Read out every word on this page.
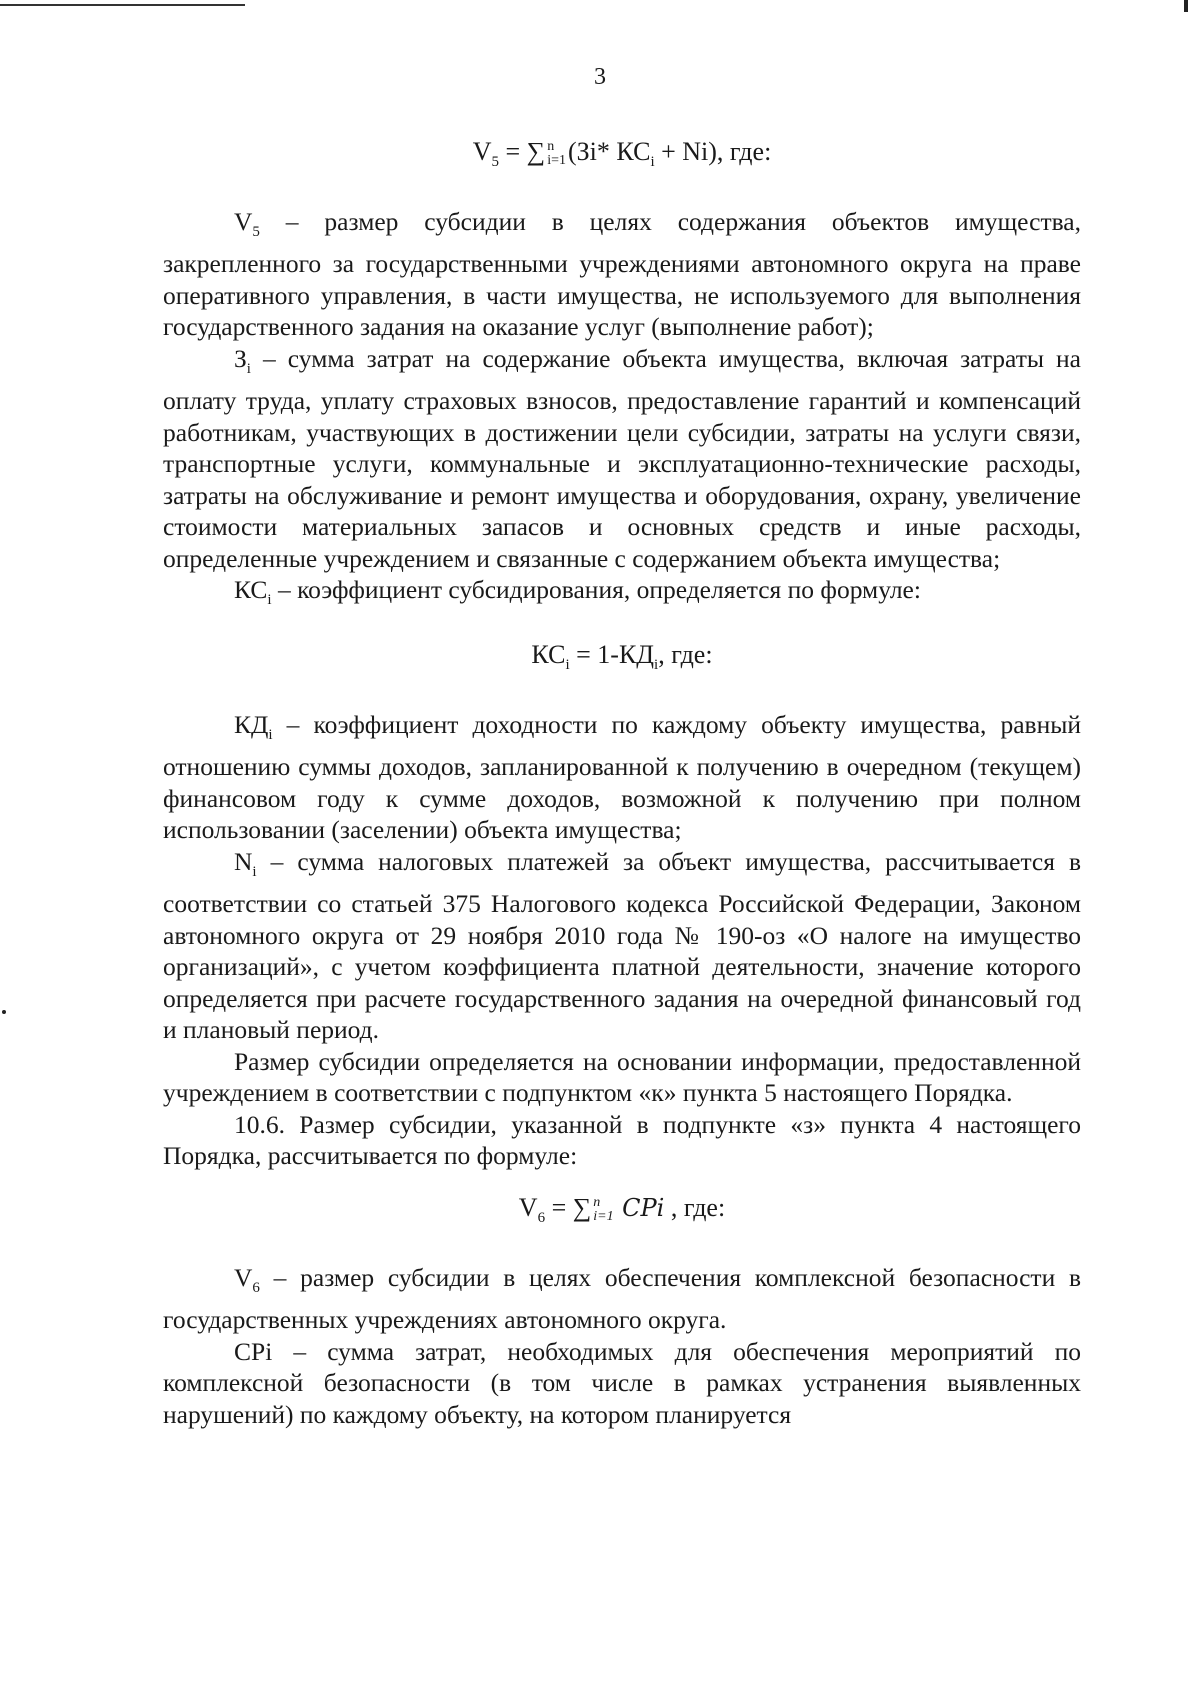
3

$V_5$ = ∑ n
i=1 (Зi* $КС_i + Ni$), где:

$V_5$ – размер субсидии в целях содержания объектов имущества, закрепленного за государственными учреждениями автономного округа на праве оперативного управления, в части имущества, не используемого для выполнения государственного задания на оказание услуг (выполнение работ);

$З_i$ – сумма затрат на содержание объекта имущества, включая затраты на оплату труда, уплату страховых взносов, предоставление гарантий и компенсаций работникам, участвующих в достижении цели субсидии, затраты на услуги связи, транспортные услуги, коммунальные и эксплуатационно-технические расходы, затраты на обслуживание и ремонт имущества и оборудования, охрану, увеличение стоимости материальных запасов и основных средств и иные расходы, определенные учреждением и связанные с содержанием объекта имущества;

$КС_i$ – коэффициент субсидирования, определяется по формуле:

$КС_i = 1-КД_i$, где:

$КД_i$ – коэффициент доходности по каждому объекту имущества, равный отношению суммы доходов, запланированной к получению в очередном (текущем) финансовом году к сумме доходов, возможной к получению при полном использовании (заселении) объекта имущества;

$N_i$ – сумма налоговых платежей за объект имущества, рассчитывается в соответствии со статьей 375 Налогового кодекса Российской Федерации, Законом автономного округа от 29 ноября 2010 года № 190-оз «О налоге на имущество организаций», с учетом коэффициента платной деятельности, значение которого определяется при расчете государственного задания на очередной финансовый год и плановый период.

Размер субсидии определяется на основании информации, предоставленной учреждением в соответствии с подпунктом «к» пункта 5 настоящего Порядка.

10.6. Размер субсидии, указанной в подпункте «з» пункта 4 настоящего Порядка, рассчитывается по формуле:

$V_6$ = ∑ n
i=1 CPi , где:

$V_6$ – размер субсидии в целях обеспечения комплексной безопасности в государственных учреждениях автономного округа.

СРi – сумма затрат, необходимых для обеспечения мероприятий по комплексной безопасности (в том числе в рамках устранения выявленных нарушений) по каждому объекту, на котором планируется
